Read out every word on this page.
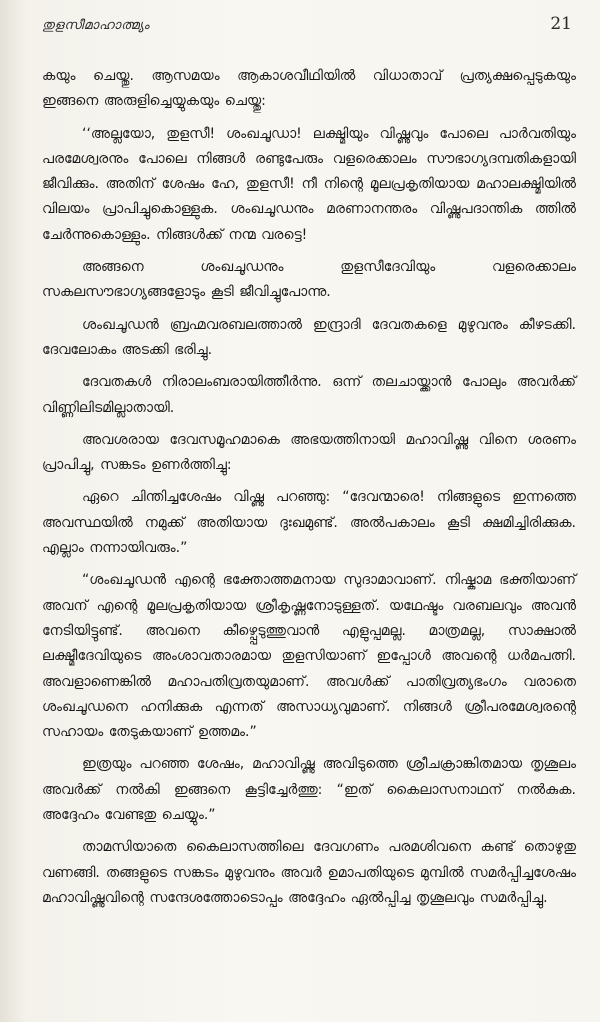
തുളസീമാഹാത്മ്യം	21

കയും ചെയ്തു. ആസമയം ആകാശവീഥിയിൽ വിധാതാവ് പ്രത്യക്ഷപ്പെടുകയും ഇങ്ങനെ അരുളിച്ചെയ്യുകയും ചെയ്തു:

‘‘അല്ലയോ, തുളസീ! ശംഖചൂഡാ! ലക്ഷ്മിയും വിഷ്ണുവും പോലെ പാർവതിയും പരമേശ്വരനും പോലെ നിങ്ങൾ രണ്ടുപേരും വളരെക്കാലം സൗഭാഗ്യദമ്പതികളായി ജീവിക്കും. അതിന് ശേഷം ഹേ, തുളസീ! നീ നിന്റെ മൂലപ്രകൃതിയായ മഹാലക്ഷ്മിയിൽ വിലയം പ്രാപിച്ചുകൊള്ളുക. ശംഖചൂഡനും മരണാനന്തരം വിഷ്ണുപദാന്തിക ത്തിൽ ചേർന്നുകൊള്ളും. നിങ്ങൾക്ക് നന്മ വരട്ടെ!

അങ്ങനെ ശംഖചൂഡനും തുളസീദേവിയും വളരെക്കാലം സകലസൗഭാഗ്യങ്ങളോടും കൂടി ജീവിച്ചുപോന്നു.

ശംഖചൂഡൻ ബ്രഹ്മവരബലത്താൽ ഇന്ദ്രാദി ദേവതകളെ മുഴുവനും കീഴടക്കി. ദേവലോകം അടക്കി ഭരിച്ചു.

ദേവതകൾ നിരാലംബരായിത്തീർന്നു. ഒന്ന് തലചായ്ക്കാൻ പോലും അവർക്ക് വിണ്ണിലിടമില്ലാതായി.

അവശരായ ദേവസമൂഹമാകെ അഭയത്തിനായി മഹാവിഷ്ണു വിനെ ശരണം പ്രാപിച്ചു, സങ്കടം ഉണർത്തിച്ചു:

ഏറെ ചിന്തിച്ചശേഷം വിഷ്ണു പറഞ്ഞു: “ദേവന്മാരെ! നിങ്ങളുടെ ഇന്നത്തെ അവസ്ഥയിൽ നമുക്ക് അതിയായ ദുഃഖമുണ്ട്. അൽപകാലം കൂടി ക്ഷമിച്ചിരിക്കുക. എല്ലാം നന്നായിവരും.”

“ശംഖചൂഡൻ എന്റെ ഭക്തോത്തമനായ സുദാമാവാണ്. നിഷ്കാമ ഭക്തിയാണ് അവന് എന്റെ മൂലപ്രകൃതിയായ ശ്രീകൃഷ്ണനോടുള്ളത്. യഥേഷ്ടം വരബലവും അവൻ നേടിയിട്ടുണ്ട്. അവനെ കീഴ്പ്പെടുത്തുവാൻ എളുപ്പമല്ല. മാത്രമല്ല, സാക്ഷാൽ ലക്ഷ്മീദേവിയുടെ അംശാവതാരമായ തുളസിയാണ് ഇപ്പോൾ അവന്റെ ധർമപത്നി. അവളാണെങ്കിൽ മഹാപതിവ്രതയുമാണ്. അവൾക്ക് പാതിവ്രത്യഭംഗം വരാതെ ശംഖചൂഡനെ ഹനിക്കുക എന്നത് അസാധ്യവുമാണ്. നിങ്ങൾ ശ്രീപരമേശ്വരന്റെ സഹായം തേടുകയാണ് ഉത്തമം.”

ഇത്രയും പറഞ്ഞ ശേഷം, മഹാവിഷ്ണു അവിടുത്തെ ശ്രീചക്രാങ്കിതമായ തൃശൂലം അവർക്ക് നൽകി ഇങ്ങനെ കൂട്ടിച്ചേർത്തു: “ഇത് കൈലാസനാഥന് നൽകുക. അദ്ദേഹം വേണ്ടതു ചെയ്യും.”

താമസിയാതെ കൈലാസത്തിലെ ദേവഗണം പരമശിവനെ കണ്ട് തൊഴുതു വണങ്ങി. തങ്ങളുടെ സങ്കടം മുഴുവനും അവർ ഉമാപതിയുടെ മുമ്പിൽ സമർപ്പിച്ചശേഷം മഹാവിഷ്ണുവിന്റെ സന്ദേശത്തോടൊപ്പം അദ്ദേഹം ഏൽപ്പിച്ച തൃശൂലവും സമർപ്പിച്ചു.
